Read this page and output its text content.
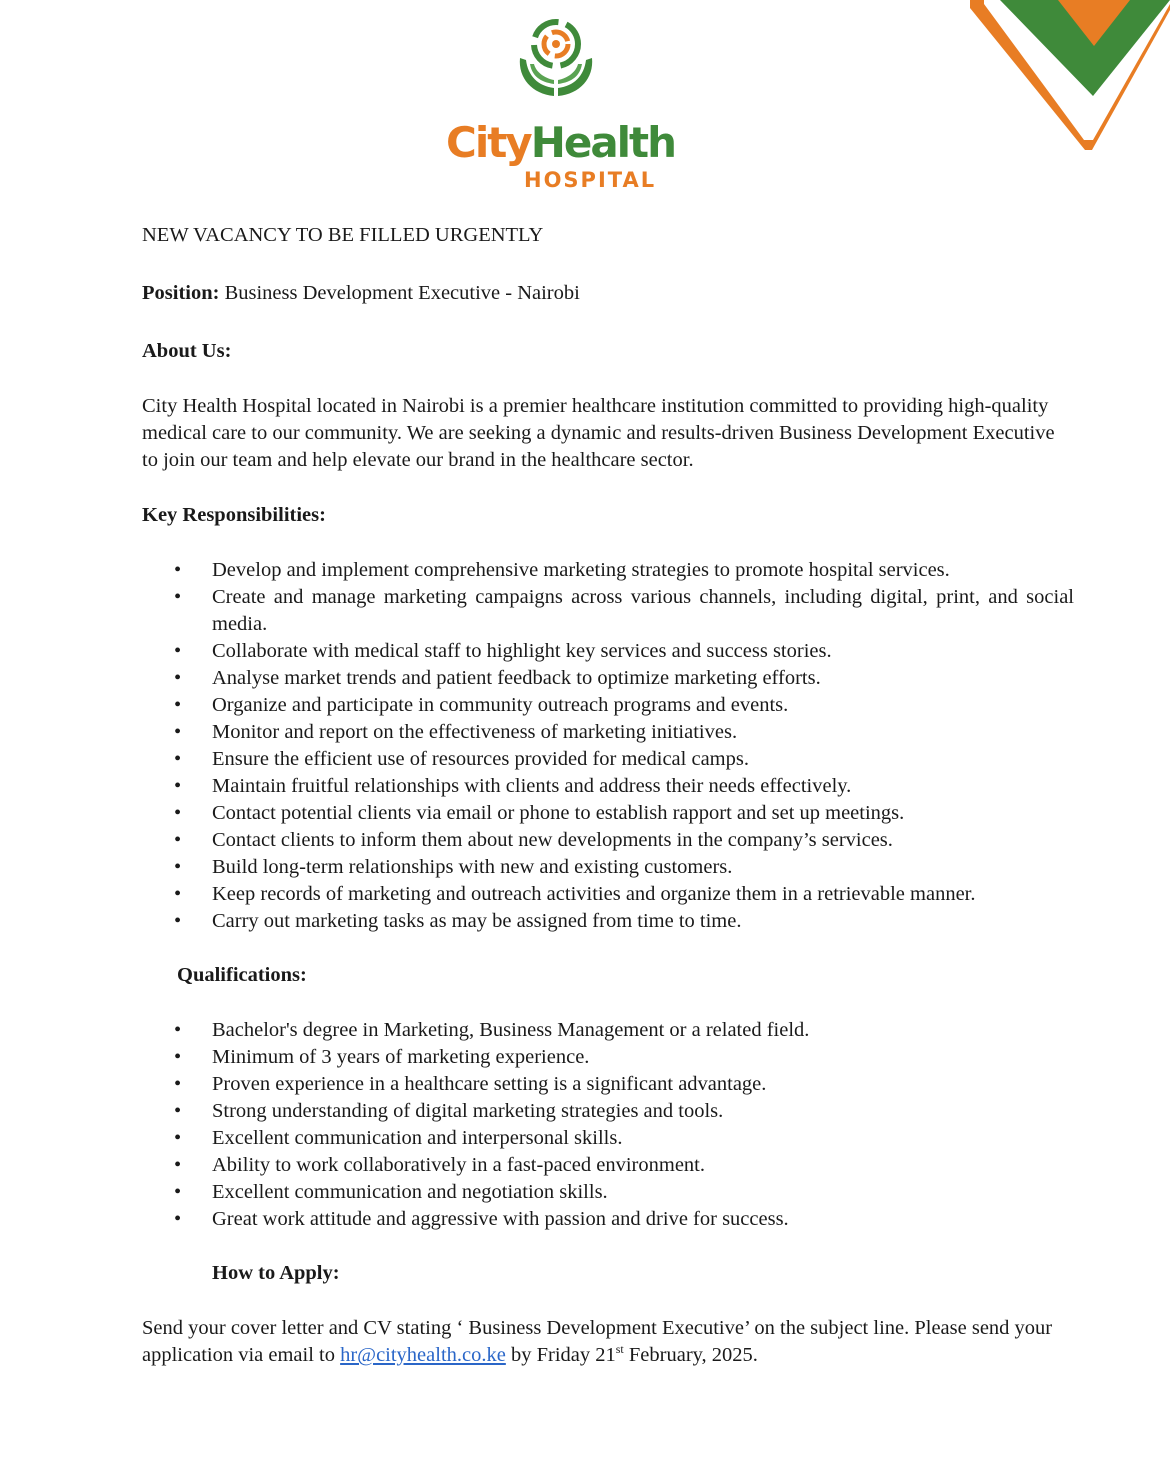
CityHealth
HOSPITAL
NEW VACANCY TO BE FILLED URGENTLY
Position: Business Development Executive - Nairobi
About Us:
City Health Hospital located in Nairobi is a premier healthcare institution committed to providing high-quality medical care to our community. We are seeking a dynamic and results-driven Business Development Executive to join our team and help elevate our brand in the healthcare sector.
Key Responsibilities:
• Develop and implement comprehensive marketing strategies to promote hospital services.
• Create and manage marketing campaigns across various channels, including digital, print, and social media.
• Collaborate with medical staff to highlight key services and success stories.
• Analyse market trends and patient feedback to optimize marketing efforts.
• Organize and participate in community outreach programs and events.
• Monitor and report on the effectiveness of marketing initiatives.
• Ensure the efficient use of resources provided for medical camps.
• Maintain fruitful relationships with clients and address their needs effectively.
• Contact potential clients via email or phone to establish rapport and set up meetings.
• Contact clients to inform them about new developments in the company’s services.
• Build long-term relationships with new and existing customers.
• Keep records of marketing and outreach activities and organize them in a retrievable manner.
• Carry out marketing tasks as may be assigned from time to time.
Qualifications:
• Bachelor's degree in Marketing, Business Management or a related field.
• Minimum of 3 years of marketing experience.
• Proven experience in a healthcare setting is a significant advantage.
• Strong understanding of digital marketing strategies and tools.
• Excellent communication and interpersonal skills.
• Ability to work collaboratively in a fast-paced environment.
• Excellent communication and negotiation skills.
• Great work attitude and aggressive with passion and drive for success.
How to Apply:
Send your cover letter and CV stating ‘ Business Development Executive’ on the subject line. Please send your application via email to hr@cityhealth.co.ke by Friday 21st February, 2025.
